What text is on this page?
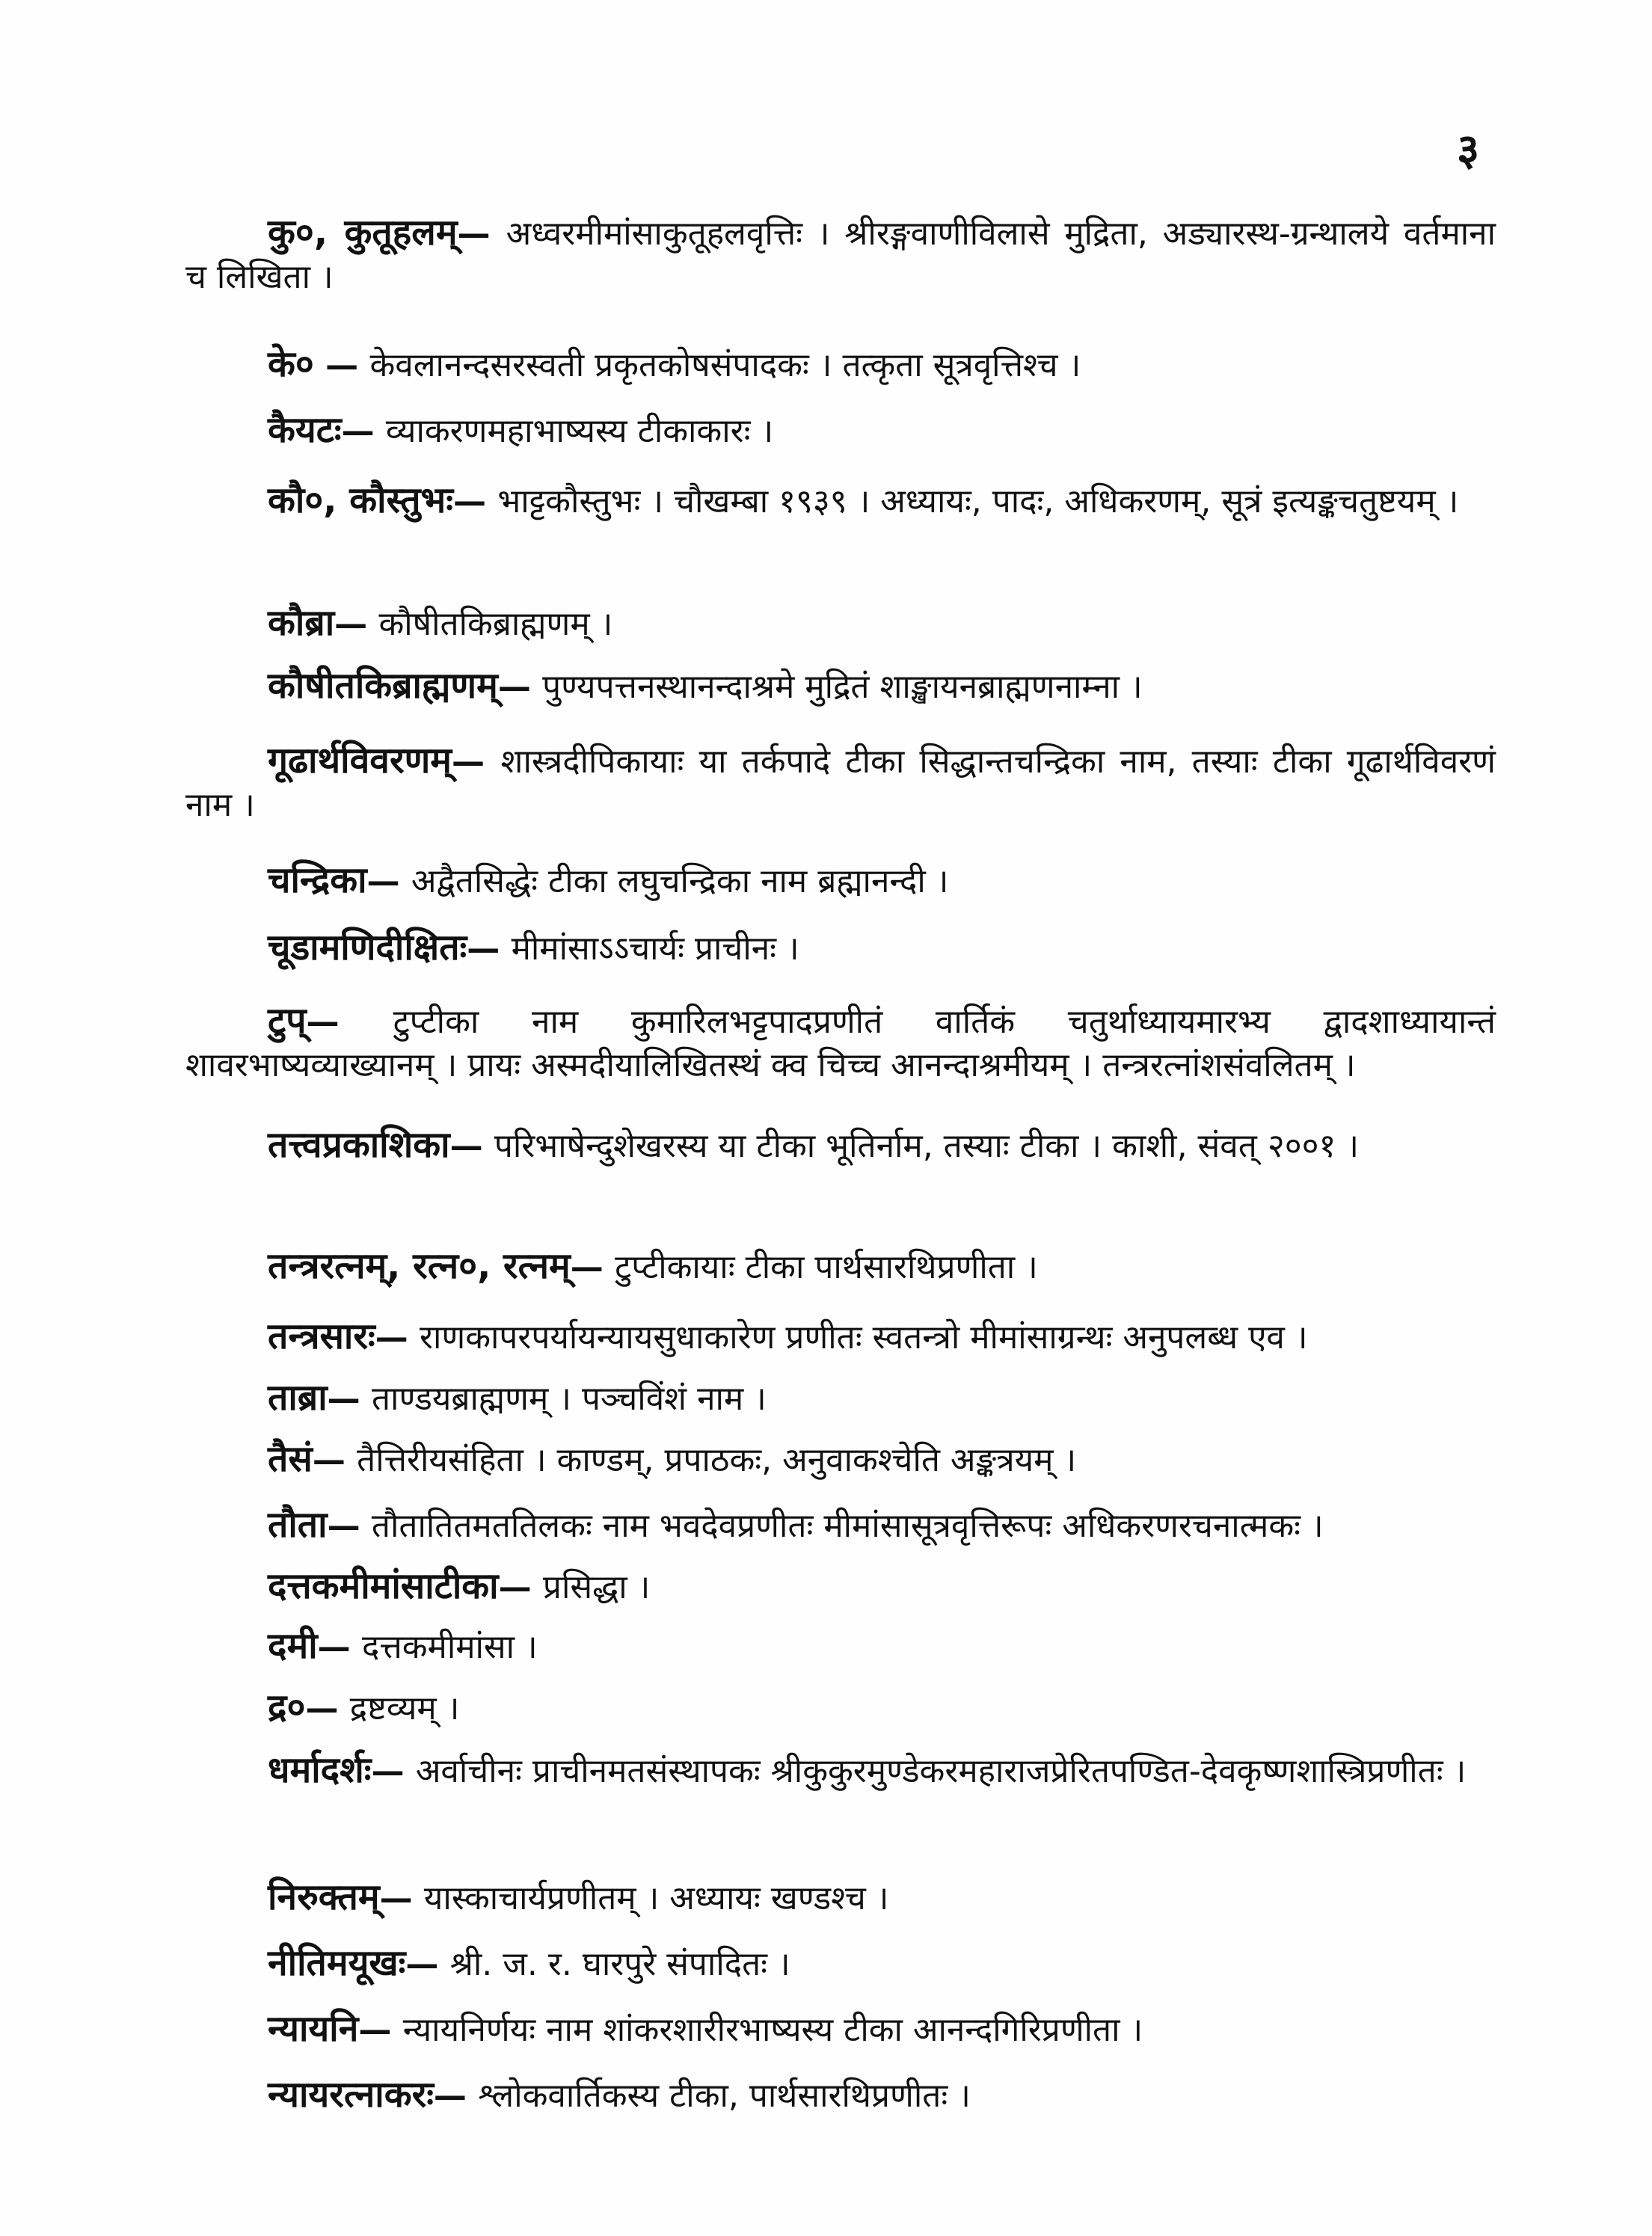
३

कु०, कुतूहलम्— अध्वरमीमांसाकुतूहलवृत्तिः । श्रीरङ्गवाणीविलासे मुद्रिता, अड्यारस्थ-ग्रन्थालये वर्तमाना च लिखिता ।

के० — केवलानन्दसरस्वती प्रकृतकोषसंपादकः । तत्कृता सूत्रवृत्तिश्च ।

कैयटः— व्याकरणमहाभाष्यस्य टीकाकारः ।

कौ०, कौस्तुभः— भाट्टकौस्तुभः । चौखम्बा १९३९ । अध्यायः, पादः, अधिकरणम्, सूत्रं इत्यङ्कचतुष्टयम् ।

कौब्रा— कौषीतकिब्राह्मणम् ।

कौषीतकिब्राह्मणम्— पुण्यपत्तनस्थानन्दाश्रमे मुद्रितं शाङ्खायनब्राह्मणनाम्ना ।

गूढार्थविवरणम्— शास्त्रदीपिकायाः या तर्कपादे टीका सिद्धान्तचन्द्रिका नाम, तस्याः टीका गूढार्थविवरणं नाम ।

चन्द्रिका— अद्वैतसिद्धेः टीका लघुचन्द्रिका नाम ब्रह्मानन्दी ।

चूडामणिदीक्षितः— मीमांसाऽऽचार्यः प्राचीनः ।

टुप्— टुप्टीका नाम कुमारिलभट्टपादप्रणीतं वार्तिकं चतुर्थाध्यायमारभ्य द्वादशाध्यायान्तं शावरभाष्यव्याख्यानम् । प्रायः अस्मदीयालिखितस्थं क्व चिच्च आनन्दाश्रमीयम् । तन्त्ररत्नांशसंवलितम् ।

तत्त्वप्रकाशिका— परिभाषेन्दुशेखरस्य या टीका भूतिर्नाम, तस्याः टीका । काशी, संवत् २००१ ।

तन्त्ररत्नम्, रत्न०, रत्नम्— टुप्टीकायाः टीका पार्थसारथिप्रणीता ।

तन्त्रसारः— राणकापरपर्यायन्यायसुधाकारेण प्रणीतः स्वतन्त्रो मीमांसाग्रन्थः अनुपलब्ध एव ।

ताब्रा— ताण्डयब्राह्मणम् । पञ्चविंशं नाम ।

तैसं— तैत्तिरीयसंहिता । काण्डम्, प्रपाठकः, अनुवाकश्चेति अङ्कत्रयम् ।

तौता— तौतातितमततिलकः नाम भवदेवप्रणीतः मीमांसासूत्रवृत्तिरूपः अधिकरणरचनात्मकः ।

दत्तकमीमांसाटीका— प्रसिद्धा ।

दमी— दत्तकमीमांसा ।

द्र०— द्रष्टव्यम् ।

धर्मादर्शः— अर्वाचीनः प्राचीनमतसंस्थापकः श्रीकुकुरमुण्डेकरमहाराजप्रेरितपण्डित-देवकृष्णशास्त्रिप्रणीतः ।

निरुक्तम्— यास्काचार्यप्रणीतम् । अध्यायः खण्डश्च ।

नीतिमयूखः— श्री. ज. र. घारपुरे संपादितः ।

न्यायनि— न्यायनिर्णयः नाम शांकरशारीरभाष्यस्य टीका आनन्दगिरिप्रणीता ।

न्यायरत्नाकरः— श्लोकवार्तिकस्य टीका, पार्थसारथिप्रणीतः ।
